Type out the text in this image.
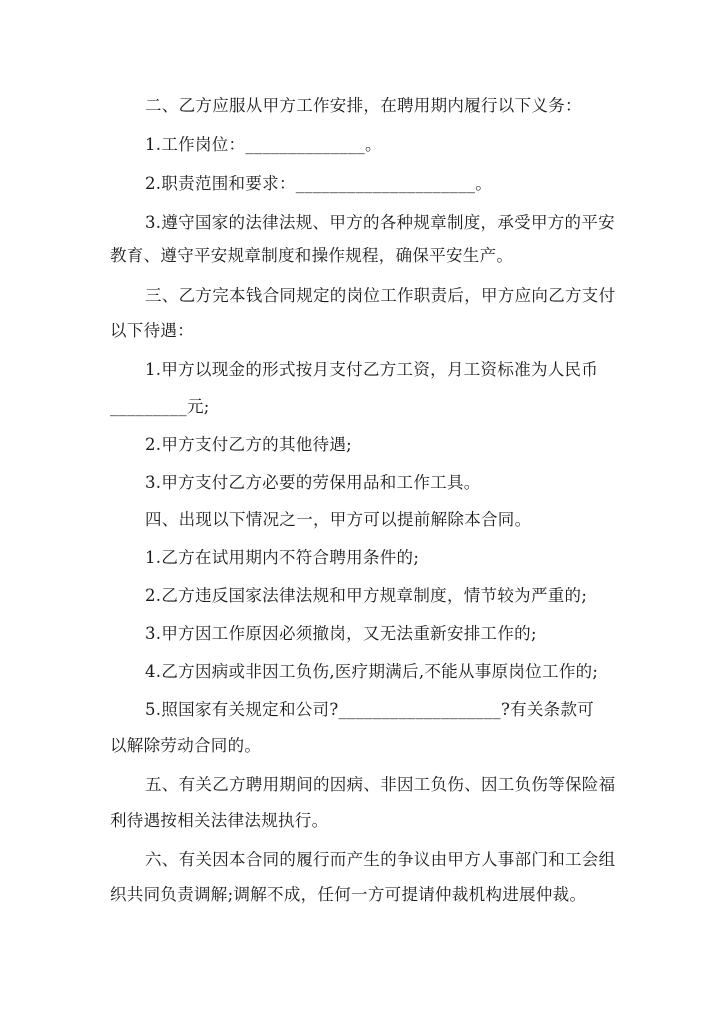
二、乙方应服从甲方工作安排，在聘用期内履行以下义务：
1.工作岗位：______________。
2.职责范围和要求：_____________________。
3.遵守国家的法律法规、甲方的各种规章制度，承受甲方的平安
教育、遵守平安规章制度和操作规程，确保平安生产。
三、乙方完本钱合同规定的岗位工作职责后，甲方应向乙方支付
以下待遇：
1.甲方以现金的形式按月支付乙方工资，月工资标准为人民币
_________元;
2.甲方支付乙方的其他待遇;
3.甲方支付乙方必要的劳保用品和工作工具。
四、出现以下情况之一，甲方可以提前解除本合同。
1.乙方在试用期内不符合聘用条件的;
2.乙方违反国家法律法规和甲方规章制度，情节较为严重的;
3.甲方因工作原因必须撤岗，又无法重新安排工作的;
4.乙方因病或非因工负伤,医疗期满后,不能从事原岗位工作的;
5.照国家有关规定和公司?___________________?有关条款可
以解除劳动合同的。
五、有关乙方聘用期间的因病、非因工负伤、因工负伤等保险福
利待遇按相关法律法规执行。
六、有关因本合同的履行而产生的争议由甲方人事部门和工会组
织共同负责调解;调解不成，任何一方可提请仲裁机构进展仲裁。
